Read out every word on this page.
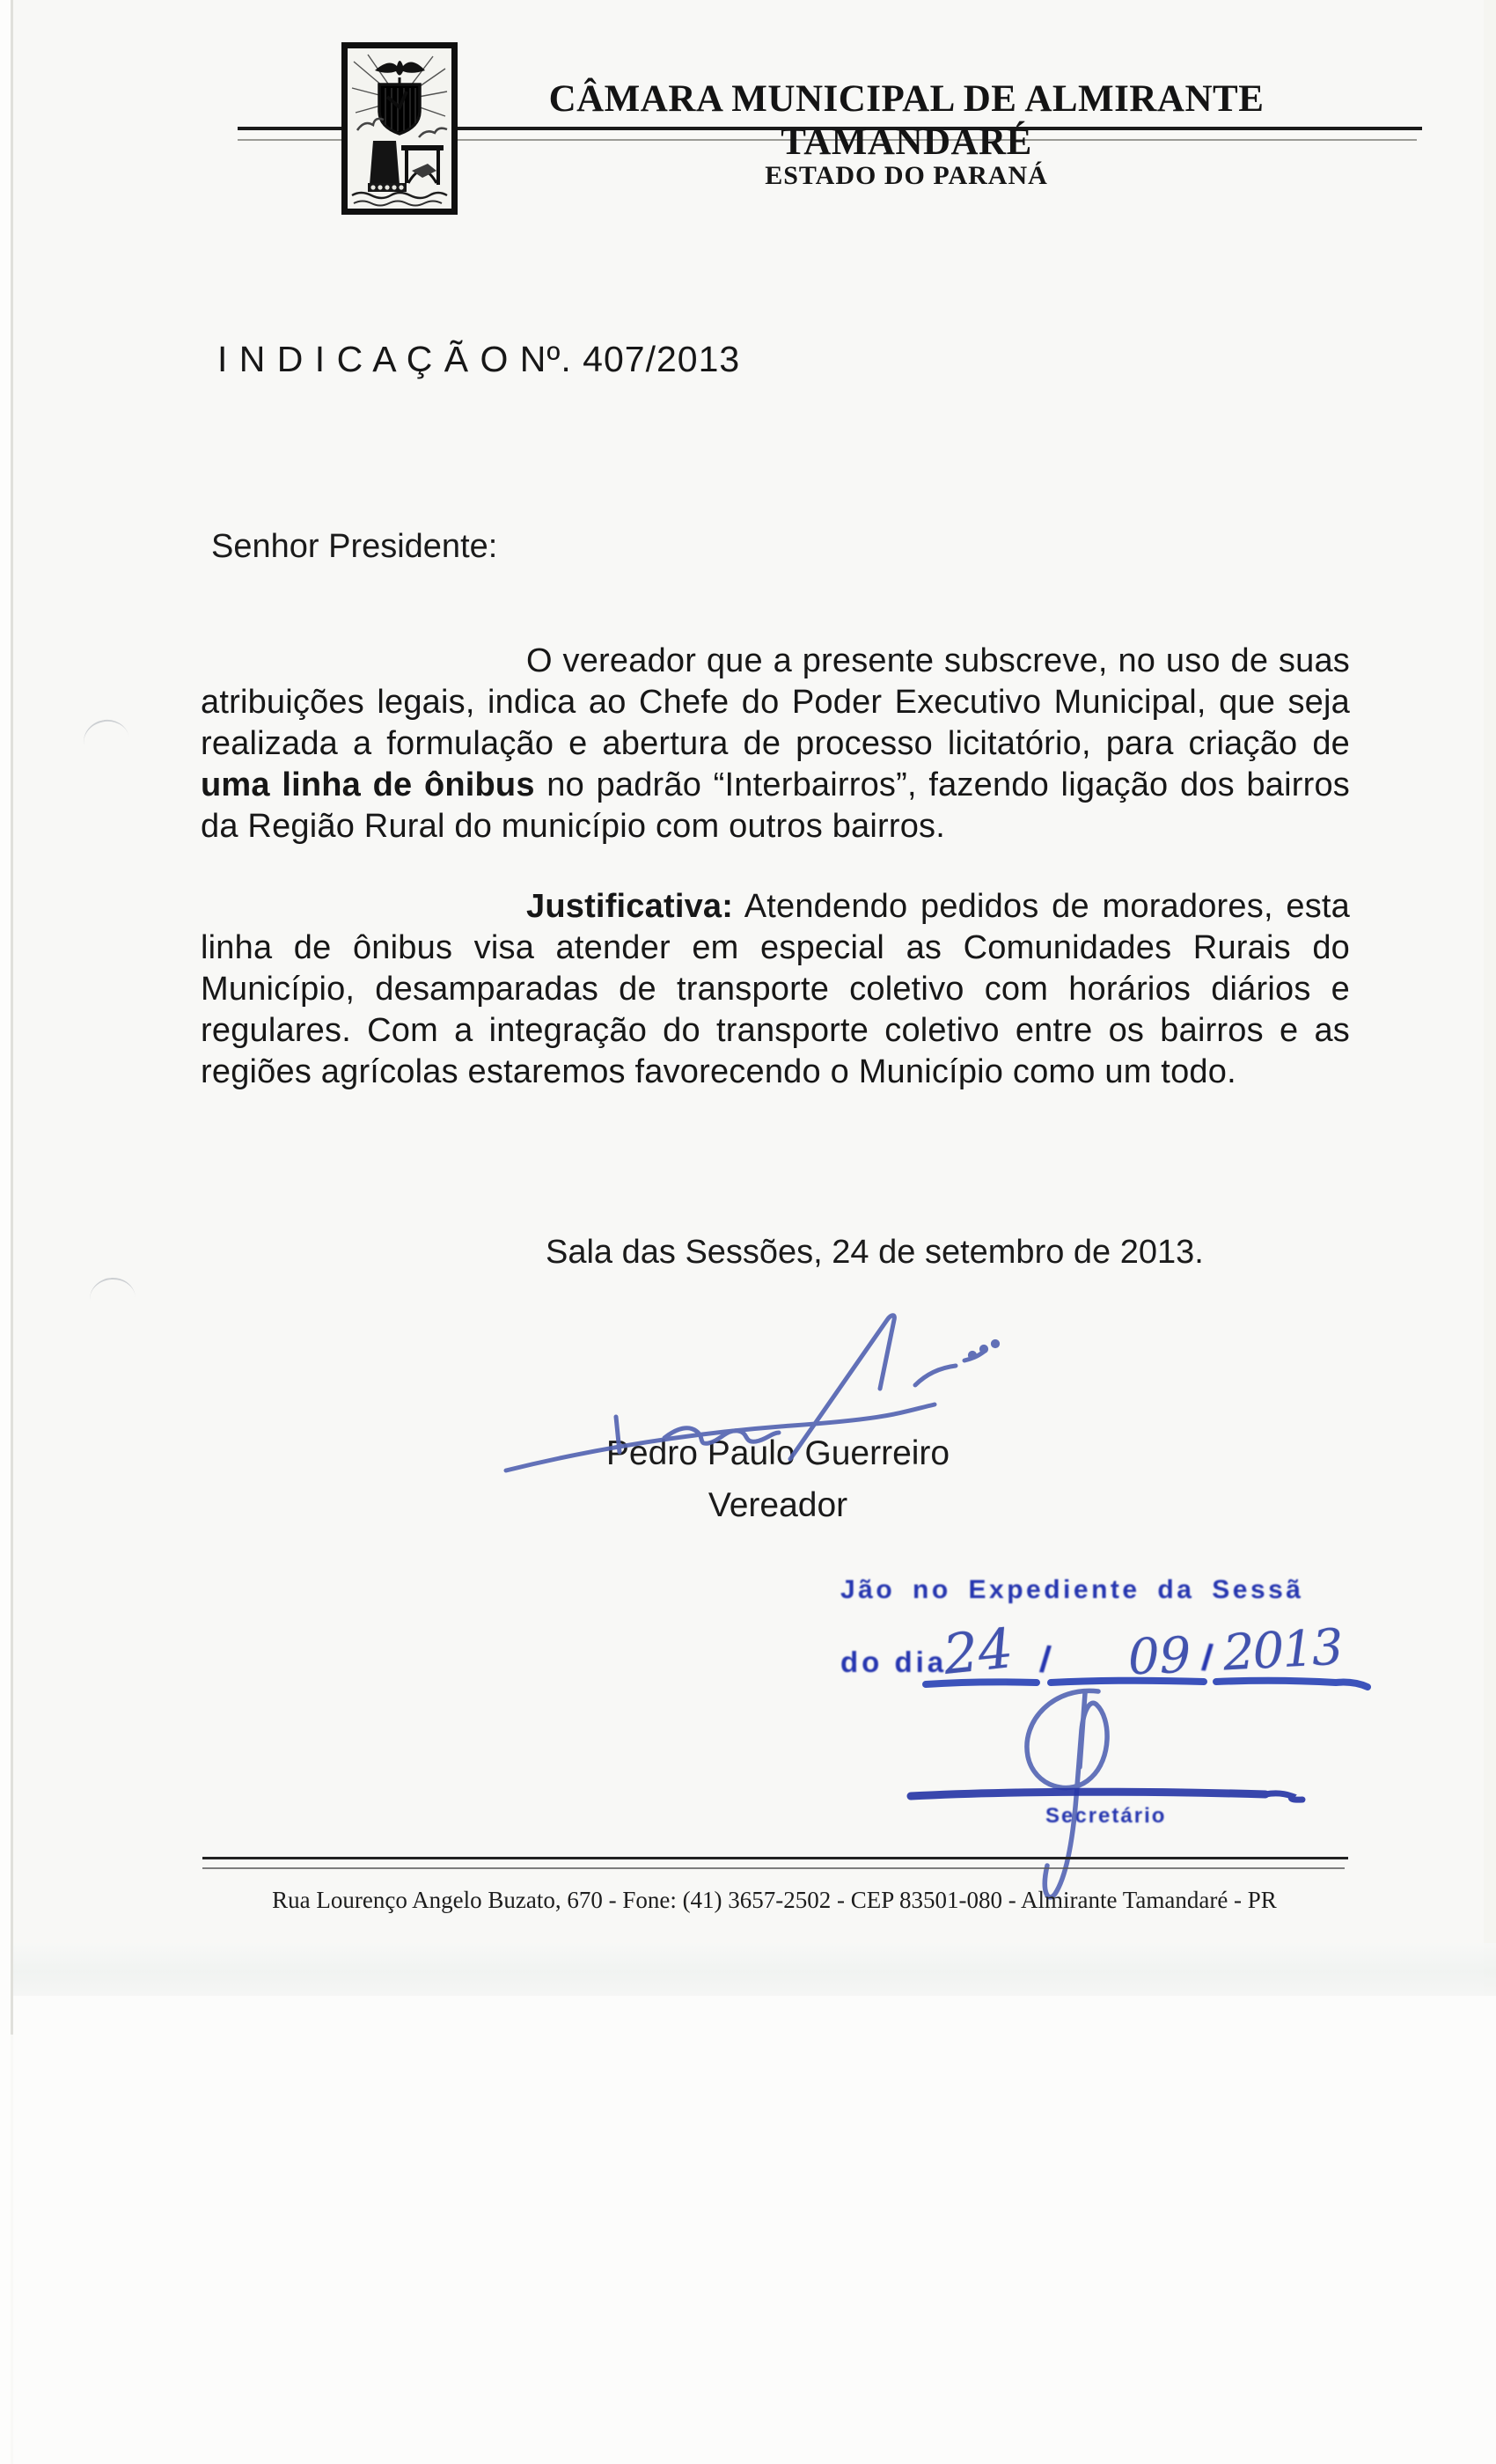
CÂMARA MUNICIPAL DE ALMIRANTE TAMANDARÉ
ESTADO DO PARANÁ
I N D I C A Ç Ã O Nº. 407/2013
Senhor Presidente:

O vereador que a presente subscreve, no uso de suas atribuições legais, indica ao Chefe do Poder Executivo Municipal, que seja realizada a formulação e abertura de processo licitatório, para criação de uma linha de ônibus no padrão “Interbairros”, fazendo ligação dos bairros da Região Rural do município com outros bairros.

Justificativa: Atendendo pedidos de moradores, esta linha de ônibus visa atender em especial as Comunidades Rurais do Município, desamparadas de transporte coletivo com horários diários e regulares. Com a integração do transporte coletivo entre os bairros e as regiões agrícolas estaremos favorecendo o Município como um todo.

Sala das Sessões, 24 de setembro de 2013.
Pedro Paulo Guerreiro
Vereador
Jão no Expediente da Sessã
do dia /	/
Secretário
24 09 2013
Rua Lourenço Angelo Buzato, 670 - Fone: (41) 3657-2502 - CEP 83501-080 - Almirante Tamandaré - PR
